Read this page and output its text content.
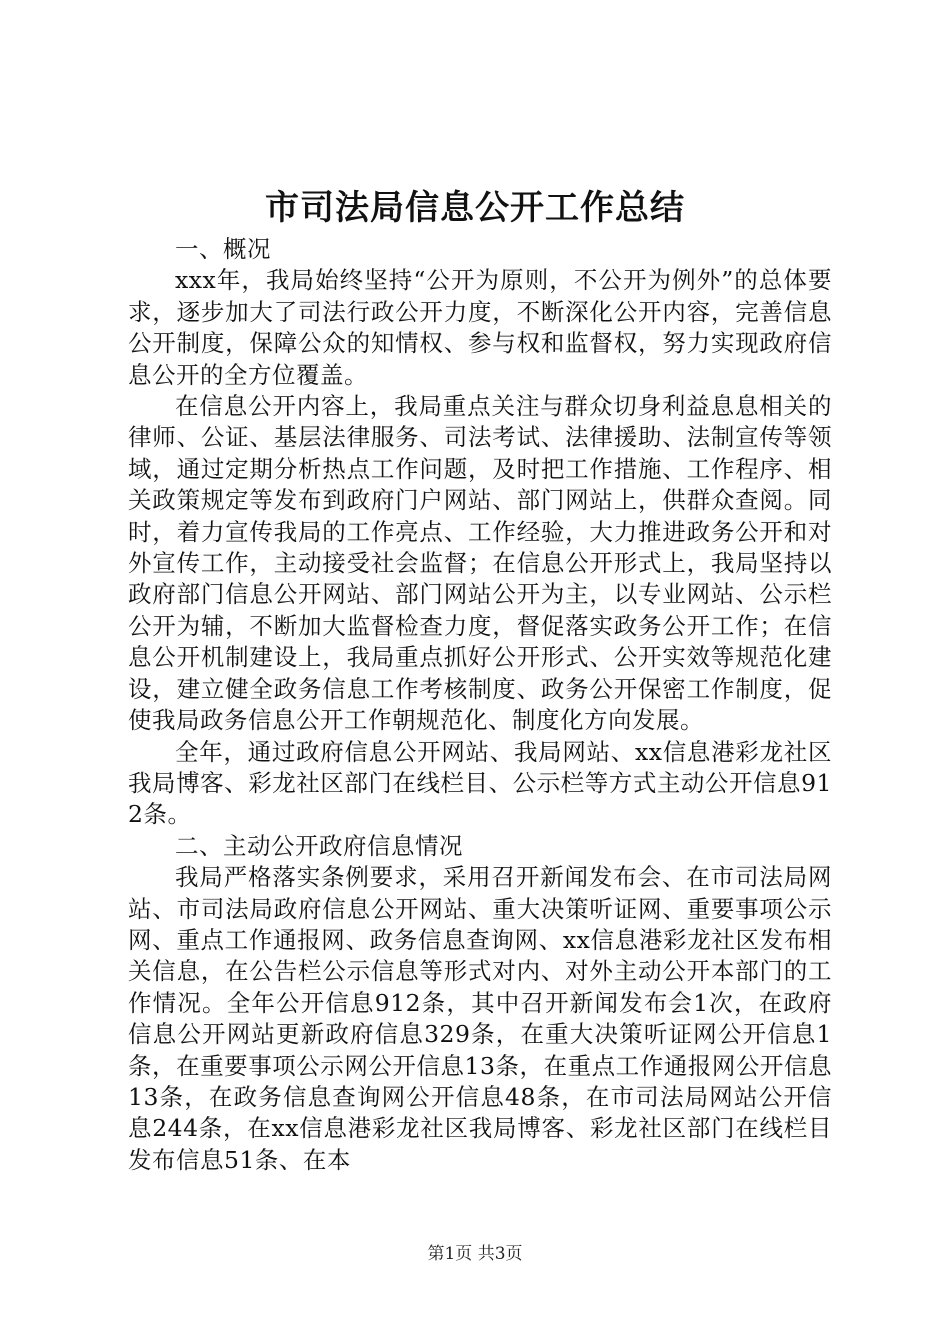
市司法局信息公开工作总结

一、概况

xxx年，我局始终坚持“公开为原则，不公开为例外”的总体要求，逐步加大了司法行政公开力度，不断深化公开内容，完善信息公开制度，保障公众的知情权、参与权和监督权，努力实现政府信息公开的全方位覆盖。

在信息公开内容上，我局重点关注与群众切身利益息息相关的律师、公证、基层法律服务、司法考试、法律援助、法制宣传等领域，通过定期分析热点工作问题，及时把工作措施、工作程序、相关政策规定等发布到政府门户网站、部门网站上，供群众查阅。同时，着力宣传我局的工作亮点、工作经验，大力推进政务公开和对外宣传工作，主动接受社会监督；在信息公开形式上，我局坚持以政府部门信息公开网站、部门网站公开为主，以专业网站、公示栏公开为辅，不断加大监督检查力度，督促落实政务公开工作；在信息公开机制建设上，我局重点抓好公开形式、公开实效等规范化建设，建立健全政务信息工作考核制度、政务公开保密工作制度，促使我局政务信息公开工作朝规范化、制度化方向发展。

全年，通过政府信息公开网站、我局网站、xx信息港彩龙社区我局博客、彩龙社区部门在线栏目、公示栏等方式主动公开信息912条。

二、主动公开政府信息情况

我局严格落实条例要求，采用召开新闻发布会、在市司法局网站、市司法局政府信息公开网站、重大决策听证网、重要事项公示网、重点工作通报网、政务信息查询网、xx信息港彩龙社区发布相关信息，在公告栏公示信息等形式对内、对外主动公开本部门的工作情况。全年公开信息912条，其中召开新闻发布会1次，在政府信息公开网站更新政府信息329条，在重大决策听证网公开信息1条，在重要事项公示网公开信息13条，在重点工作通报网公开信息13条，在政务信息查询网公开信息48条，在市司法局网站公开信息244条，在xx信息港彩龙社区我局博客、彩龙社区部门在线栏目发布信息51条、在本

第1页 共3页
